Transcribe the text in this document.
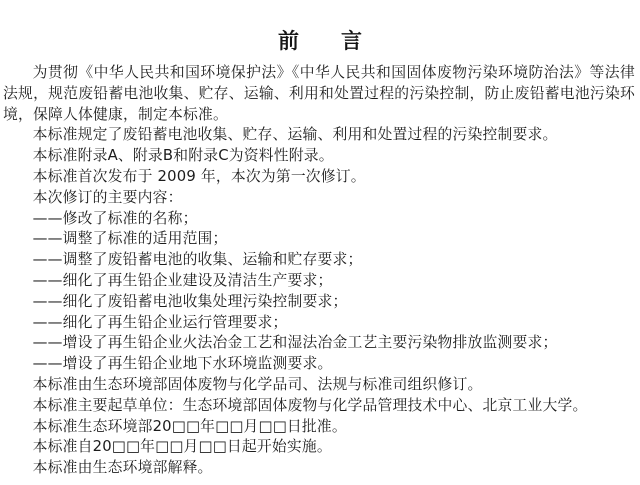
前　　言

为贯彻《中华人民共和国环境保护法》《中华人民共和国固体废物污染环境防治法》等法律法规，规范废铅蓄电池收集、贮存、运输、利用和处置过程的污染控制，防止废铅蓄电池污染环境，保障人体健康，制定本标准。

本标准规定了废铅蓄电池收集、贮存、运输、利用和处置过程的污染控制要求。

本标准附录A、附录B和附录C为资料性附录。

本标准首次发布于 2009 年，本次为第一次修订。

本次修订的主要内容：

——修改了标准的名称；

——调整了标准的适用范围；

——调整了废铅蓄电池的收集、运输和贮存要求；

——细化了再生铅企业建设及清洁生产要求；

——细化了废铅蓄电池收集处理污染控制要求；

——细化了再生铅企业运行管理要求；

——增设了再生铅企业火法冶金工艺和湿法冶金工艺主要污染物排放监测要求；

——增设了再生铅企业地下水环境监测要求。

本标准由生态环境部固体废物与化学品司、法规与标准司组织修订。

本标准主要起草单位：生态环境部固体废物与化学品管理技术中心、北京工业大学。

本标准生态环境部20□□年□□月□□日批准。

本标准自20□□年□□月□□日起开始实施。

本标准由生态环境部解释。
